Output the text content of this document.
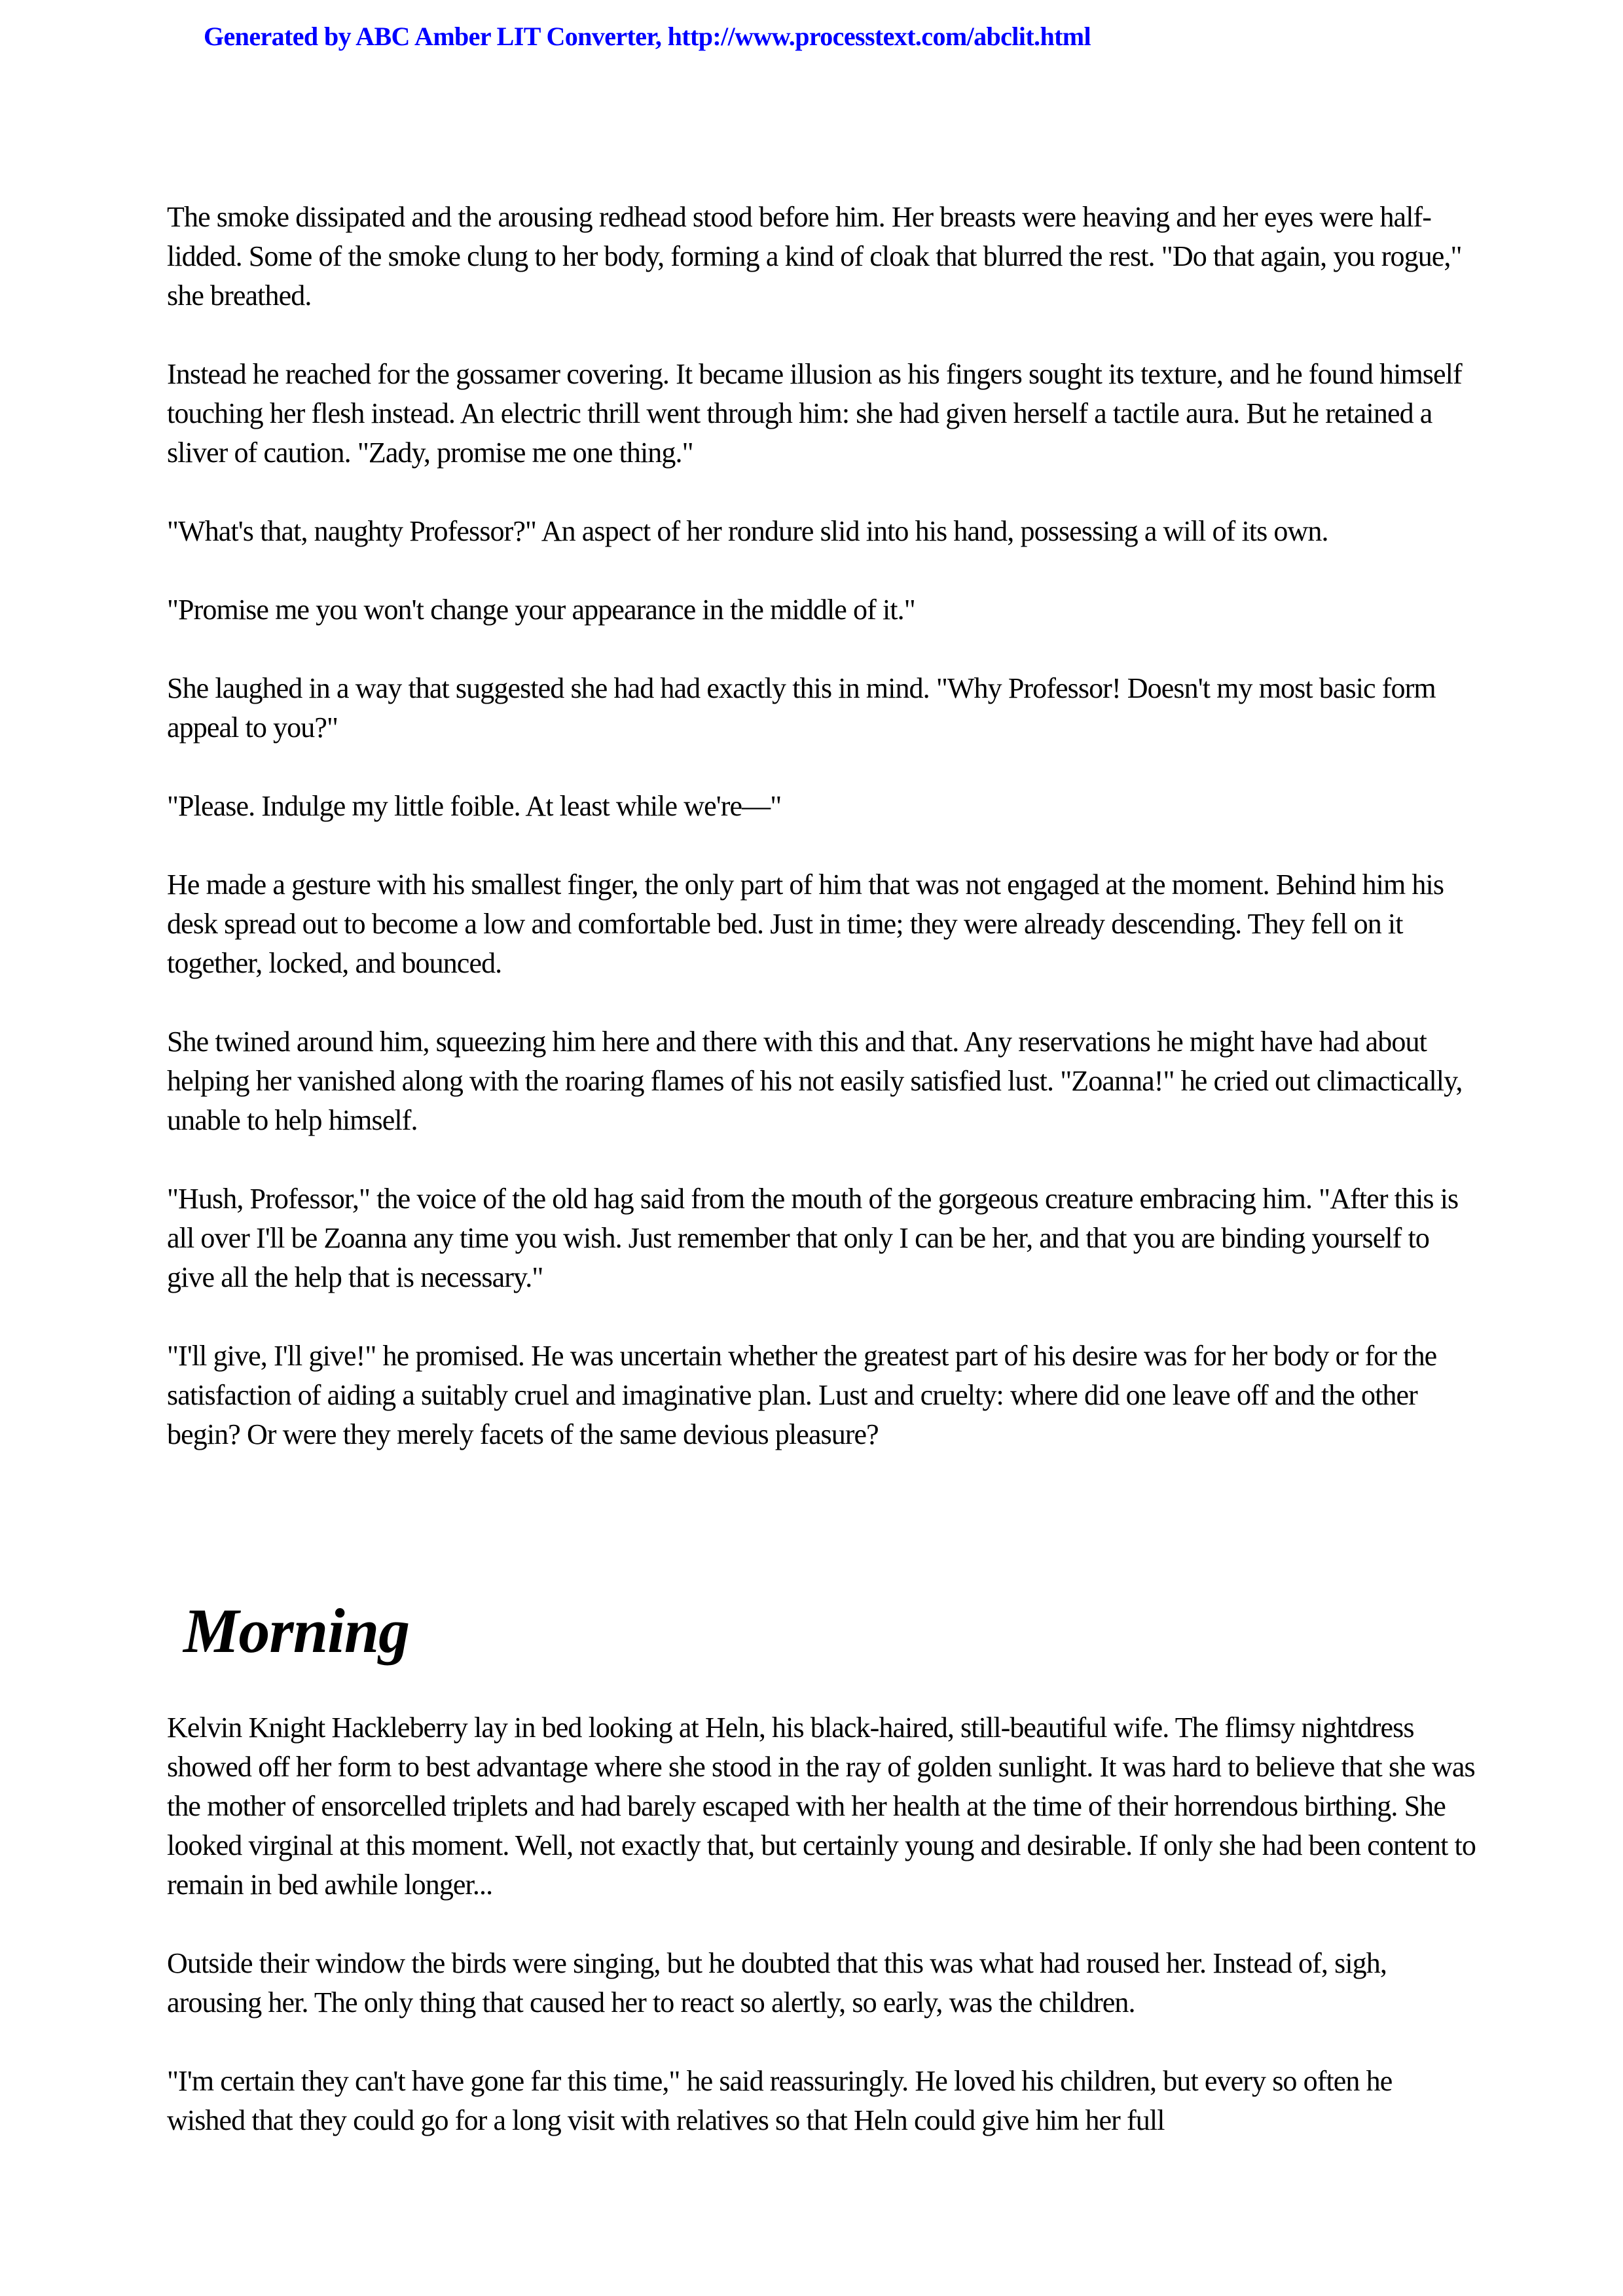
Generated by ABC Amber LIT Converter, http://www.processtext.com/abclit.html

The smoke dissipated and the arousing redhead stood before him. Her breasts were heaving and her eyes were half-lidded. Some of the smoke clung to her body, forming a kind of cloak that blurred the rest. "Do that again, you rogue," she breathed.

Instead he reached for the gossamer covering. It became illusion as his fingers sought its texture, and he found himself touching her flesh instead. An electric thrill went through him: she had given herself a tactile aura. But he retained a sliver of caution. "Zady, promise me one thing."

"What's that, naughty Professor?" An aspect of her rondure slid into his hand, possessing a will of its own.

"Promise me you won't change your appearance in the middle of it."

She laughed in a way that suggested she had had exactly this in mind. "Why Professor! Doesn't my most basic form appeal to you?"

"Please. Indulge my little foible. At least while we're—"

He made a gesture with his smallest finger, the only part of him that was not engaged at the moment. Behind him his desk spread out to become a low and comfortable bed. Just in time; they were already descending. They fell on it together, locked, and bounced.

She twined around him, squeezing him here and there with this and that. Any reservations he might have had about helping her vanished along with the roaring flames of his not easily satisfied lust. "Zoanna!" he cried out climactically, unable to help himself.

"Hush, Professor," the voice of the old hag said from the mouth of the gorgeous creature embracing him. "After this is all over I'll be Zoanna any time you wish. Just remember that only I can be her, and that you are binding yourself to give all the help that is necessary."

"I'll give, I'll give!" he promised. He was uncertain whether the greatest part of his desire was for her body or for the satisfaction of aiding a suitably cruel and imaginative plan. Lust and cruelty: where did one leave off and the other begin? Or were they merely facets of the same devious pleasure?

Morning

Kelvin Knight Hackleberry lay in bed looking at Heln, his black-haired, still-beautiful wife. The flimsy nightdress showed off her form to best advantage where she stood in the ray of golden sunlight. It was hard to believe that she was the mother of ensorcelled triplets and had barely escaped with her health at the time of their horrendous birthing. She looked virginal at this moment. Well, not exactly that, but certainly young and desirable. If only she had been content to remain in bed awhile longer...

Outside their window the birds were singing, but he doubted that this was what had roused her. Instead of, sigh, arousing her. The only thing that caused her to react so alertly, so early, was the children.

"I'm certain they can't have gone far this time," he said reassuringly. He loved his children, but every so often he wished that they could go for a long visit with relatives so that Heln could give him her full
